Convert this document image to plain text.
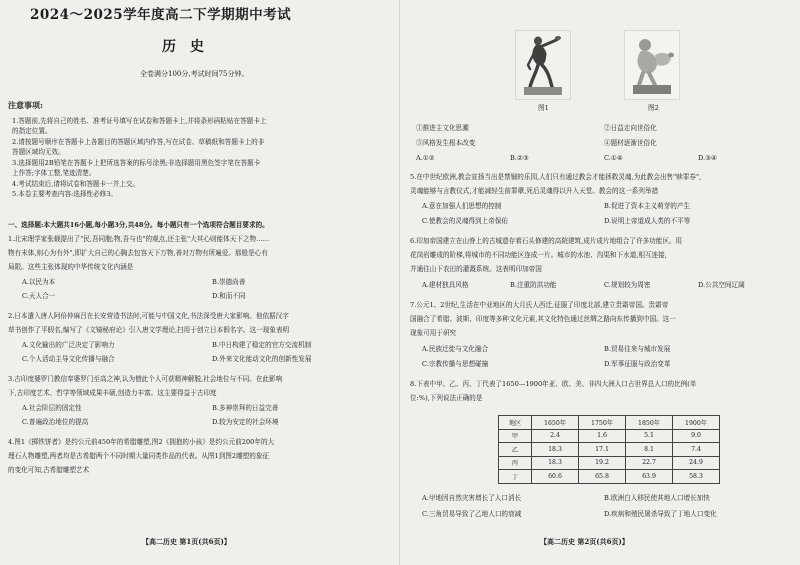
2024～2025学年度高二下学期期中考试
历史
全卷满分100分,考试时间75分钟。
注意事项:
1.答题前,先将自己的姓名、准考证号填写在试卷和答题卡上,并将条形码粘贴在答题卡上
的指定位置。
2.请按题号顺序在答题卡上各题目的答题区域内作答,写在试卷、草稿纸和答题卡上的非
答题区域均无效。
3.选择题用2B铅笔在答题卡上把所选答案的标号涂黑;非选择题用黑色签字笔在答题卡
上作答;字体工整,笔迹清楚。
4.考试结束后,请将试卷和答题卡一并上交。
5.本卷主要考查内容:选择性必修3。
一、选择题:本大题共16小题,每小题3分,共48分。每小题只有一个选项符合题目要求的。
1.北宋理学家张载提出了"民,吾同胞;物,吾与也"的观点,还主张"大其心则能体天下之物……
物有未体,则心为有外",即扩大自己的心胸去包容天下万物,善对万物有所遍爱。那般是心有
局限。这些主张体现的中华传统文化内涵是
A.以民为本	B.崇德尚善
C.天人合一	D.和而不同
2.日本遣入唐人阿倍仲麻吕在长安营造书法时,可能与中国文化,书法深受唐大家影响。他依据汉字
草书创作了平假名,编写了《文镜秘府论》引入唐文学理论,扫用于创立日本假名字。这一现象表明
A.文化输出的广泛决定了影响力	B.中日构建了稳定的官方交流机制
C.个人活动主导文化传播与融合	D.外来文化能动文化的创新性发展
3.古印度婆罗门教信奉婆罗门至高之神,认为僧此个人可获精神解脱,社会地位与不同。在此影响
下,古印度艺术、哲学等领域成果丰硕,创造力丰富。这主要得益于古印度
A.社会阶层的固定性	B.多神崇拜的日益完善
C.普遍政治地位的提高	D.较为安定的社会环境
4.图1《掷铁饼者》是约公元前450年的希腊雕塑,图2《拥抱的小孩》是约公元前200年的大
理石人物雕塑,两者均是古希腊两个不同时期大量同类作品的代表。从图1到图2雕塑的象征
的变化可知,古希腊雕塑艺术
【高二历史 第1页(共6页)】
图1	图2
①推进主文化思潮	②日益走向世俗化
③风格发生根本改变	④题材逐渐世俗化
A.①②	B.②③	C.①④	D.③④
5.在中世纪欧洲,教会宣扬当出是禁锢的乐园,人们只有通过教会才能拯救灵魂,为此教会出售"赎罪券",
灵魂能够与言教仪式,才能减轻生前罪孽,死后灵魂得以升入天堂。教会的这一系列举措
A.意在加强人们思想的控制	B.促进了资本主义萌芽的产生
C.使教会的灵魂得到上帝保佑	D.说明上帝道成人类的不平等
6.印加帝国建立在山脊上的古城遗存着石头修建的高院建筑,成片成片地组合了许多功能区。用
花岗岩雕成的阶梯,将城市的不同功能区连成一片。城市的水池、沟渠和下水道,相互连接,
并通往山下农田的灌溉系统。这表明印加帝国
A.建材独具风格	B.注重防洪功能	C.规划较为周密	D.公共空间辽阔
7.公元1、2世纪,生活在中亚地区的大月氏人西迁,征服了印度北部,建立贵霜帝国。贵霜帝
国融合了希腊、波斯、印度等多种文化元素,其文化特色通过丝绸之路向东传播到中国。这一
现象可用于研究
A.民族迁徙与文化融合	B.贸易往来与城市发展
C.宗教传播与思想碰撞	D.军事征服与政治变革
8.下表中甲、乙、丙、丁代表了1650—1900年亚、欧、美、非四大洲人口占世界总人口的比例(单
位:%),下列说法正确的是
地区	1650年	1750年	1850年	1900年
甲	2.4	1.6	5.1	9.0
乙	18.3	17.1	8.1	7.4
丙	18.3	19.2	22.7	24.9
丁	60.6	65.8	63.9	58.3
A.甲地因自然灾害增长了人口消长	B.欧洲白人移民使其地人口增长加快
C.三角贸易导致了乙地人口的衰减	D.疾病和殖民屠杀导致了丁地人口变化
【高二历史 第2页(共6页)】
